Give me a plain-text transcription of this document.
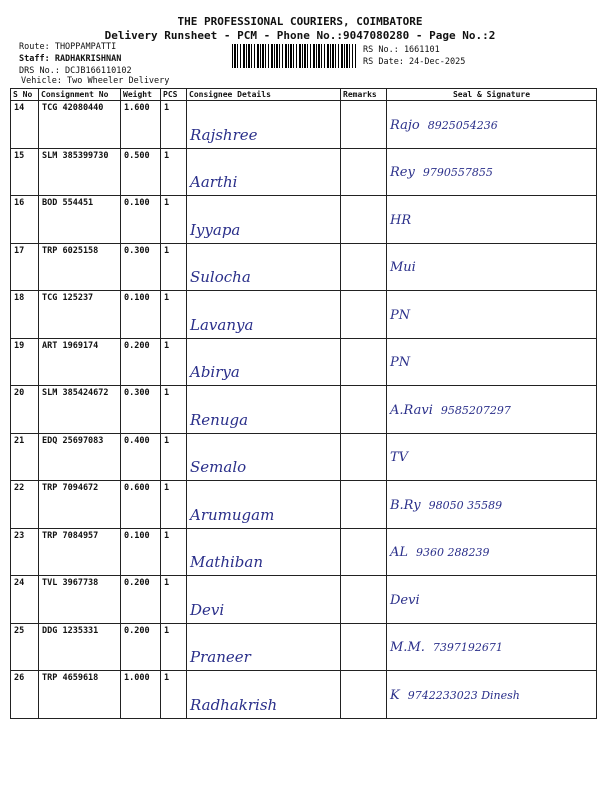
THE PROFESSIONAL COURIERS, COIMBATORE
Delivery Runsheet - PCM - Phone No.:9047080280 - Page No.:2
Route: THOPPAMPATTI
Staff: RADHAKRISHNAN
DRS No.: DCJB166110102
Vehicle: Two Wheeler Delivery
RS No.: 1661101
RS Date: 24-Dec-2025
S No	Consignment No	Weight	PCS	Consignee Details	Remarks	Seal & Signature
14	TCG 42080440	1.600	1	Rajshree		Rajo 8925054236
15	SLM 385399730	0.500	1	Aarthi		Rey 9790557855
16	BOD 554451	0.100	1	Iyyapa		HR
17	TRP 6025158	0.300	1	Sulocha		Mui
18	TCG 125237	0.100	1	Lavanya		PN
19	ART 1969174	0.200	1	Abirya		PN
20	SLM 385424672	0.300	1	Renuga		A.Ravi 9585207297
21	EDQ 25697083	0.400	1	Semalo		TV
22	TRP 7094672	0.600	1	Arumugam		B.Ry 98050 35589
23	TRP 7084957	0.100	1	Mathiban		AL 9360 288239
24	TVL 3967738	0.200	1	Devi		Devi
25	DDG 1235331	0.200	1	Praneer		M.M. 7397192671
26	TRP 4659618	1.000	1	Radhakrish		K 9742233023 Dinesh
